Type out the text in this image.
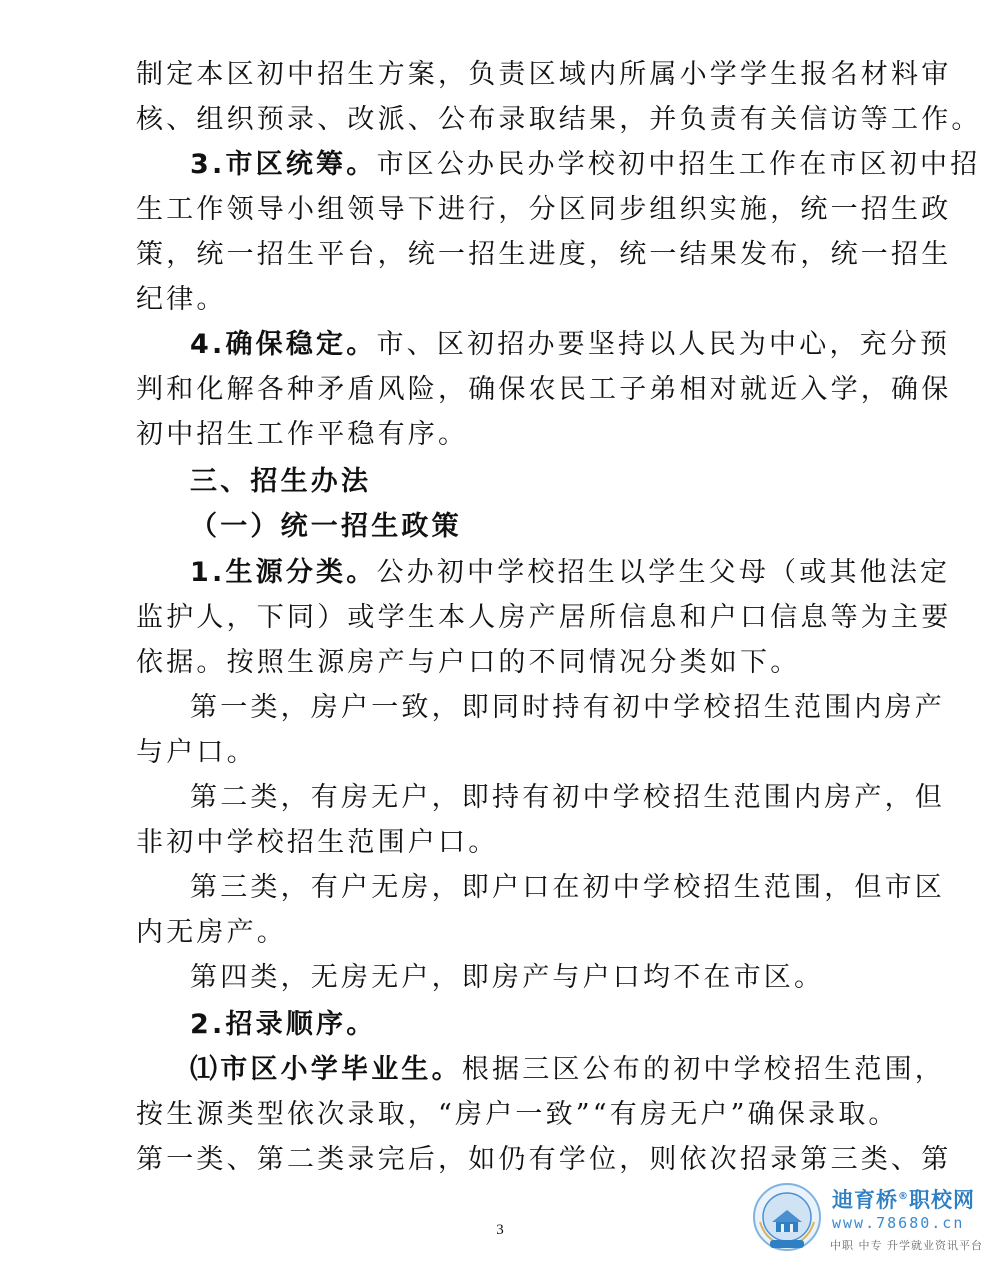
制定本区初中招生方案，负责区域内所属小学学生报名材料审
核、组织预录、改派、公布录取结果，并负责有关信访等工作。
3.市区统筹。市区公办民办学校初中招生工作在市区初中招
生工作领导小组领导下进行，分区同步组织实施，统一招生政
策，统一招生平台，统一招生进度，统一结果发布，统一招生
纪律。
4.确保稳定。市、区初招办要坚持以人民为中心，充分预
判和化解各种矛盾风险，确保农民工子弟相对就近入学，确保
初中招生工作平稳有序。
三、招生办法
（一）统一招生政策
1.生源分类。公办初中学校招生以学生父母（或其他法定
监护人，下同）或学生本人房产居所信息和户口信息等为主要
依据。按照生源房产与户口的不同情况分类如下。
第一类，房户一致，即同时持有初中学校招生范围内房产
与户口。
第二类，有房无户，即持有初中学校招生范围内房产，但
非初中学校招生范围户口。
第三类，有户无房，即户口在初中学校招生范围，但市区
内无房产。
第四类，无房无户，即房产与户口均不在市区。
2.招录顺序。
⑴市区小学毕业生。根据三区公布的初中学校招生范围，
按生源类型依次录取，“房户一致”“有房无户”确保录取。
第一类、第二类录完后，如仍有学位，则依次招录第三类、第
3
迪育桥®职校网
www.78680.cn
中职 中专 升学就业资讯平台
